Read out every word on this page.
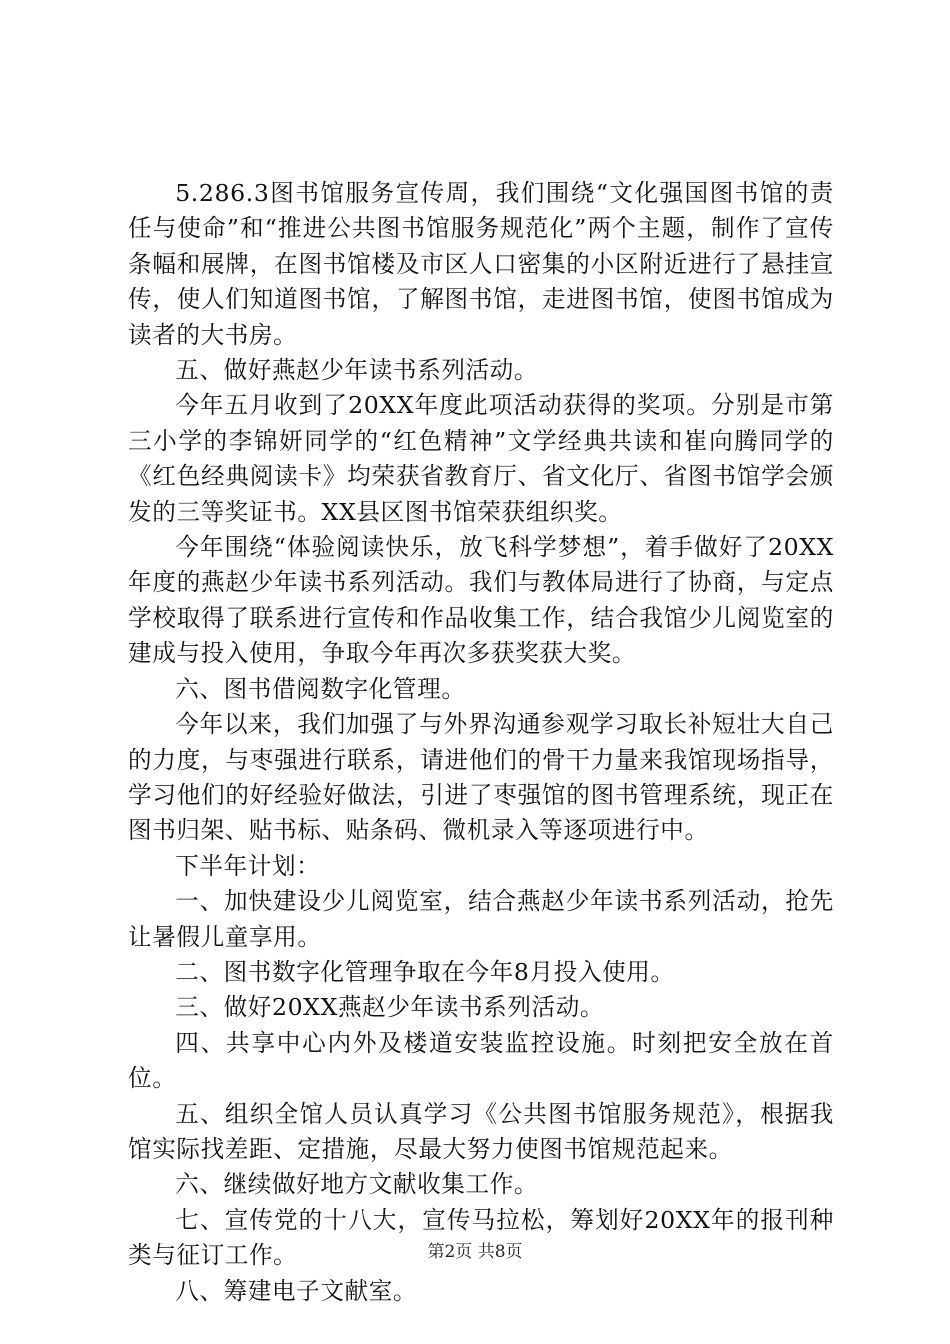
5.286.3图书馆服务宣传周，我们围绕“文化强国图书馆的责任与使命”和“推进公共图书馆服务规范化”两个主题，制作了宣传条幅和展牌，在图书馆楼及市区人口密集的小区附近进行了悬挂宣传，使人们知道图书馆，了解图书馆，走进图书馆，使图书馆成为读者的大书房。

五、做好燕赵少年读书系列活动。

今年五月收到了20XX年度此项活动获得的奖项。分别是市第三小学的李锦妍同学的“红色精神”文学经典共读和崔向腾同学的《红色经典阅读卡》均荣获省教育厅、省文化厅、省图书馆学会颁发的三等奖证书。XX县区图书馆荣获组织奖。

今年围绕“体验阅读快乐，放飞科学梦想”，着手做好了20XX年度的燕赵少年读书系列活动。我们与教体局进行了协商，与定点学校取得了联系进行宣传和作品收集工作，结合我馆少儿阅览室的建成与投入使用，争取今年再次多获奖获大奖。

六、图书借阅数字化管理。

今年以来，我们加强了与外界沟通参观学习取长补短壮大自己的力度，与枣强进行联系，请进他们的骨干力量来我馆现场指导，学习他们的好经验好做法，引进了枣强馆的图书管理系统，现正在图书归架、贴书标、贴条码、微机录入等逐项进行中。

下半年计划：

一、加快建设少儿阅览室，结合燕赵少年读书系列活动，抢先让暑假儿童享用。

二、图书数字化管理争取在今年8月投入使用。

三、做好20XX燕赵少年读书系列活动。

四、共享中心内外及楼道安装监控设施。时刻把安全放在首位。

五、组织全馆人员认真学习《公共图书馆服务规范》，根据我馆实际找差距、定措施，尽最大努力使图书馆规范起来。

六、继续做好地方文献收集工作。

七、宣传党的十八大，宣传马拉松，筹划好20XX年的报刊种类与征订工作。

八、筹建电子文献室。

第2页 共8页
